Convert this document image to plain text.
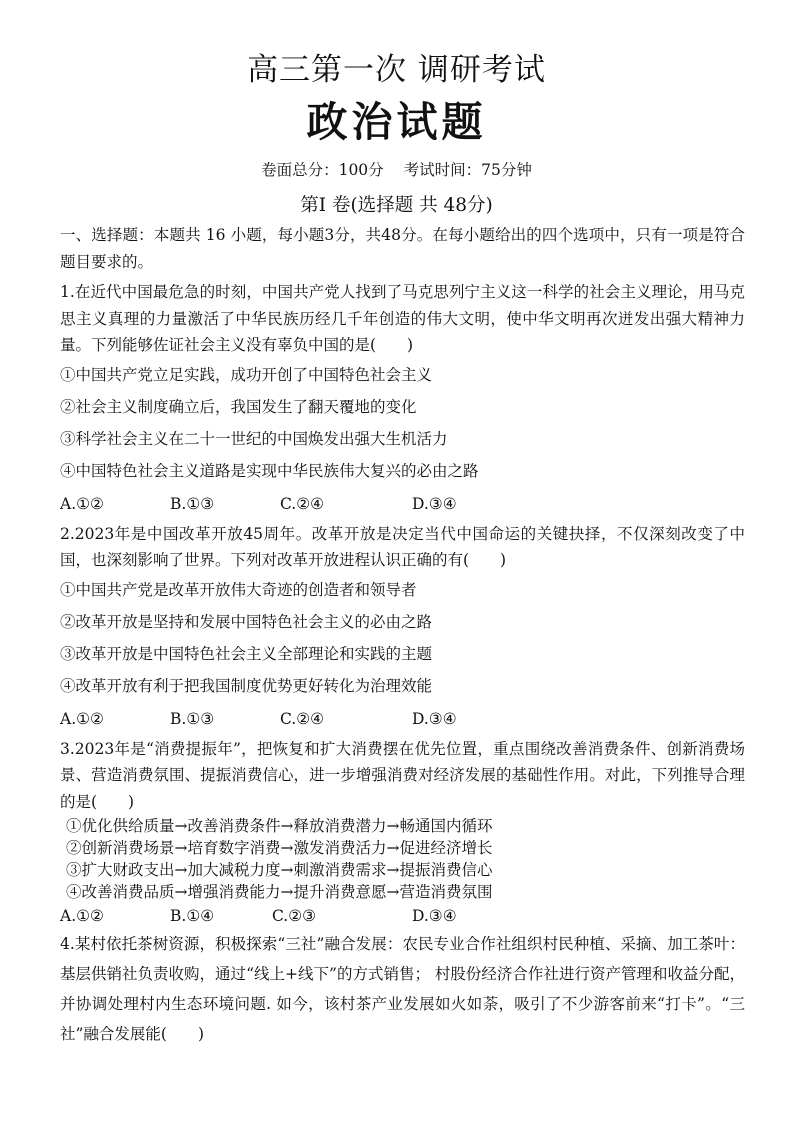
高三第一次 调研考试
政治试题
卷面总分：100分 考试时间：75分钟
第Ⅰ 卷(选择题 共 48分)

一、选择题：本题共 16 小题，每小题3分，共48分。在每小题给出的四个选项中，只有一项是符合题目要求的。

1.在近代中国最危急的时刻，中国共产党人找到了马克思列宁主义这一科学的社会主义理论，用马克思主义真理的力量激活了中华民族历经几千年创造的伟大文明，使中华文明再次迸发出强大精神力量。下列能够佐证社会主义没有辜负中国的是(　　)

①中国共产党立足实践，成功开创了中国特色社会主义

②社会主义制度确立后，我国发生了翻天覆地的变化

③科学社会主义在二十一世纪的中国焕发出强大生机活力

④中国特色社会主义道路是实现中华民族伟大复兴的必由之路

A.①②	B.①③	C.②④	D.③④

2.2023年是中国改革开放45周年。改革开放是决定当代中国命运的关键抉择，不仅深刻改变了中国，也深刻影响了世界。下列对改革开放进程认识正确的有(　　)

①中国共产党是改革开放伟大奇迹的创造者和领导者

②改革开放是坚持和发展中国特色社会主义的必由之路

③改革开放是中国特色社会主义全部理论和实践的主题

④改革开放有利于把我国制度优势更好转化为治理效能

A.①②	B.①③	C.②④	D.③④

3.2023年是“消费提振年”，把恢复和扩大消费摆在优先位置，重点围绕改善消费条件、创新消费场景、营造消费氛围、提振消费信心，进一步增强消费对经济发展的基础性作用。对此，下列推导合理的是(　　)

①优化供给质量→改善消费条件→释放消费潜力→畅通国内循环

②创新消费场景→培育数字消费→激发消费活力→促进经济增长

③扩大财政支出→加大减税力度→刺激消费需求→提振消费信心

④改善消费品质→增强消费能力→提升消费意愿→营造消费氛围

A.①②	B.①④	C.②③	D.③④

4.某村依托茶树资源，积极探索“三社”融合发展：农民专业合作社组织村民种植、采摘、加工茶叶：基层供销社负责收购，通过“线上+线下”的方式销售； 村股份经济合作社进行资产管理和收益分配，并协调处理村内生态环境问题. 如今，该村茶产业发展如火如荼，吸引了不少游客前来“打卡”。“三社”融合发展能(　　)
